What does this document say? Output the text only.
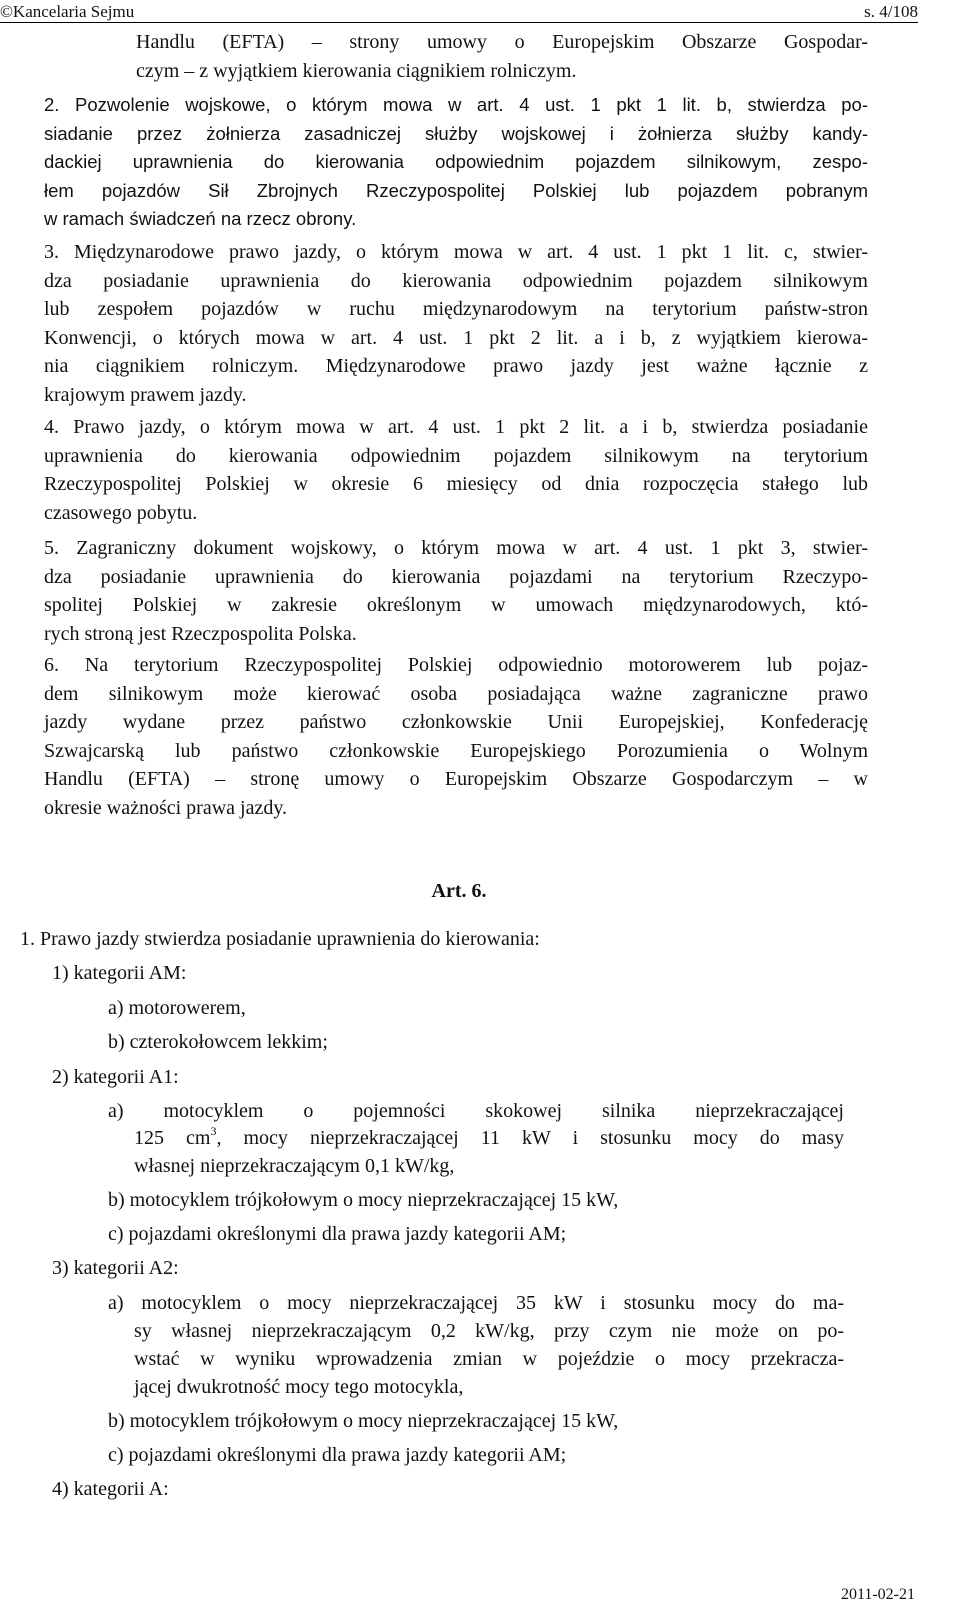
©Kancelaria Sejmu	s. 4/108
Handlu (EFTA) – strony umowy o Europejskim Obszarze Gospodar-
czym – z wyjątkiem kierowania ciągnikiem rolniczym.
2. Pozwolenie wojskowe, o którym mowa w art. 4 ust. 1 pkt 1 lit. b, stwierdza po-
siadanie przez żołnierza zasadniczej służby wojskowej i żołnierza służby kandy-
dackiej uprawnienia do kierowania odpowiednim pojazdem silnikowym, zespo-
łem pojazdów Sił Zbrojnych Rzeczypospolitej Polskiej lub pojazdem pobranym
w ramach świadczeń na rzecz obrony.
3. Międzynarodowe prawo jazdy, o którym mowa w art. 4 ust. 1 pkt 1 lit. c, stwier-
dza posiadanie uprawnienia do kierowania odpowiednim pojazdem silnikowym
lub zespołem pojazdów w ruchu międzynarodowym na terytorium państw-stron
Konwencji, o których mowa w art. 4 ust. 1 pkt 2 lit. a i b, z wyjątkiem kierowa-
nia ciągnikiem rolniczym. Międzynarodowe prawo jazdy jest ważne łącznie z
krajowym prawem jazdy.
4. Prawo jazdy, o którym mowa w art. 4 ust. 1 pkt 2 lit. a i b, stwierdza posiadanie
uprawnienia do kierowania odpowiednim pojazdem silnikowym na terytorium
Rzeczypospolitej Polskiej w okresie 6 miesięcy od dnia rozpoczęcia stałego lub
czasowego pobytu.
5. Zagraniczny dokument wojskowy, o którym mowa w art. 4 ust. 1 pkt 3, stwier-
dza posiadanie uprawnienia do kierowania pojazdami na terytorium Rzeczypo-
spolitej Polskiej w zakresie określonym w umowach międzynarodowych, któ-
rych stroną jest Rzeczpospolita Polska.
6. Na terytorium Rzeczypospolitej Polskiej odpowiednio motorowerem lub pojaz-
dem silnikowym może kierować osoba posiadająca ważne zagraniczne prawo
jazdy wydane przez państwo członkowskie Unii Europejskiej, Konfederację
Szwajcarską lub państwo członkowskie Europejskiego Porozumienia o Wolnym
Handlu (EFTA) – stronę umowy o Europejskim Obszarze Gospodarczym – w
okresie ważności prawa jazdy.
Art. 6.
1. Prawo jazdy stwierdza posiadanie uprawnienia do kierowania:
1) kategorii AM:
a) motorowerem,
b) czterokołowcem lekkim;
2) kategorii A1:
a) motocyklem o pojemności skokowej silnika nieprzekraczającej
125 $cm^3$, mocy nieprzekraczającej 11 kW i stosunku mocy do masy
własnej nieprzekraczającym 0,1 kW/kg,
b) motocyklem trójkołowym o mocy nieprzekraczającej 15 kW,
c) pojazdami określonymi dla prawa jazdy kategorii AM;
3) kategorii A2:
a) motocyklem o mocy nieprzekraczającej 35 kW i stosunku mocy do ma-
sy własnej nieprzekraczającym 0,2 kW/kg, przy czym nie może on po-
wstać w wyniku wprowadzenia zmian w pojeździe o mocy przekracza-
jącej dwukrotność mocy tego motocykla,
b) motocyklem trójkołowym o mocy nieprzekraczającej 15 kW,
c) pojazdami określonymi dla prawa jazdy kategorii AM;
4) kategorii A:
2011-02-21
